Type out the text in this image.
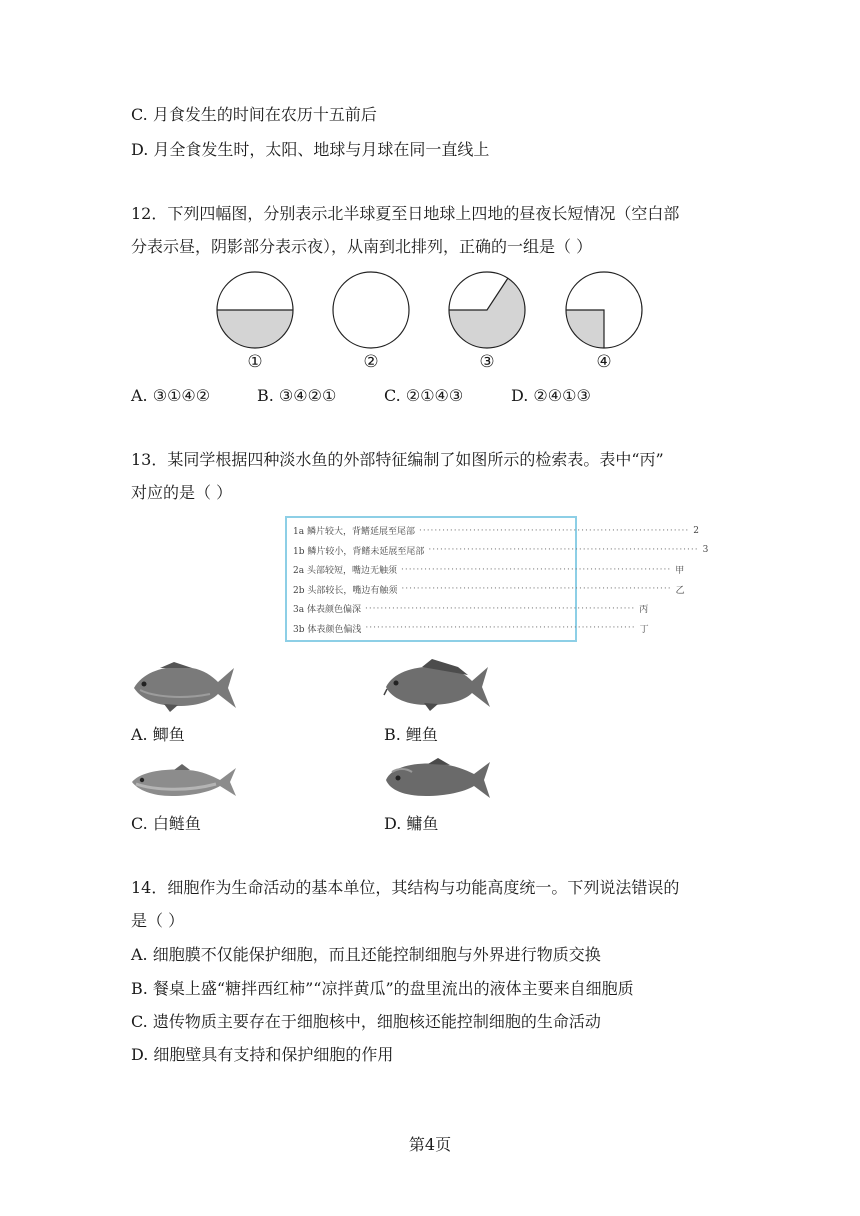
C. 月食发生的时间在农历十五前后
D. 月全食发生时，太阳、地球与月球在同一直线上
12．下列四幅图，分别表示北半球夏至日地球上四地的昼夜长短情况（空白部
分表示昼，阴影部分表示夜），从南到北排列，正确的一组是（ ）
①	②	③	④
A. ③①④②	B. ③④②①	C. ②①④③	D. ②④①③
13．某同学根据四种淡水鱼的外部特征编制了如图所示的检索表。表中“丙”
对应的是（ ）
1a 鳞片较大，背鳍延展至尾部 ······································································ 2
1b 鳞片较小，背鳍未延展至尾部 ······································································ 3
2a 头部较短，嘴边无触须 ······································································ 甲
2b 头部较长，嘴边有触须 ······································································ 乙
3a 体表颜色偏深 ······································································ 丙
3b 体表颜色偏浅 ······································································ 丁
A. 鲫鱼	B. 鲤鱼
C. 白鲢鱼	D. 鳙鱼
14．细胞作为生命活动的基本单位，其结构与功能高度统一。下列说法错误的
是（ ）
A. 细胞膜不仅能保护细胞，而且还能控制细胞与外界进行物质交换
B. 餐桌上盛“糖拌西红柿”“凉拌黄瓜”的盘里流出的液体主要来自细胞质
C. 遗传物质主要存在于细胞核中，细胞核还能控制细胞的生命活动
D. 细胞壁具有支持和保护细胞的作用
第4页
